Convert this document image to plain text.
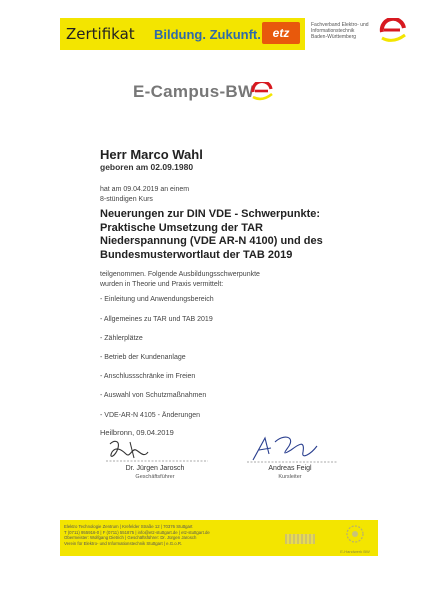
Zertifikat	Bildung. Zukunft. etz
Fachverband Elektro- und
Informationstechnik
Baden-Württemberg
E-Campus-BW
Herr Marco Wahl
geboren am 02.09.1980
hat am 09.04.2019 an einem
8-stündigen Kurs
Neuerungen zur DIN VDE - Schwerpunkte:
Praktische Umsetzung der TAR
Niederspannung (VDE AR-N 4100) und des
Bundesmusterwortlaut der TAB 2019
teilgenommen. Folgende Ausbildungsschwerpunkte
wurden in Theorie und Praxis vermittelt:
- Einleitung und Anwendungsbereich
- Allgemeines zu TAR und TAB 2019
- Zählerplätze
- Betrieb der Kundenanlage
- Anschlussschränke im Freien
- Auswahl von Schutzmaßnahmen
- VDE-AR-N 4105 - Änderungen
Heilbronn, 09.04.2019
Dr. Jürgen Jarosch
Geschäftsführer
Andreas Feigl
Kursleiter
Elektro Technologie Zentrum | Krefelder Straße 12 | 70376 Stuttgart
T (0711) 955916-0 | F (0711) 551875 | info@etz-stuttgart.de | etz-stuttgart.de
Obermeister: Wolfgang Dietrich | Geschäftsführer: Dr. Jürgen Jarosch
Verein für Elektro- und Informationstechnik Stuttgart | e.G.o.R.
E-Handwerk BW
